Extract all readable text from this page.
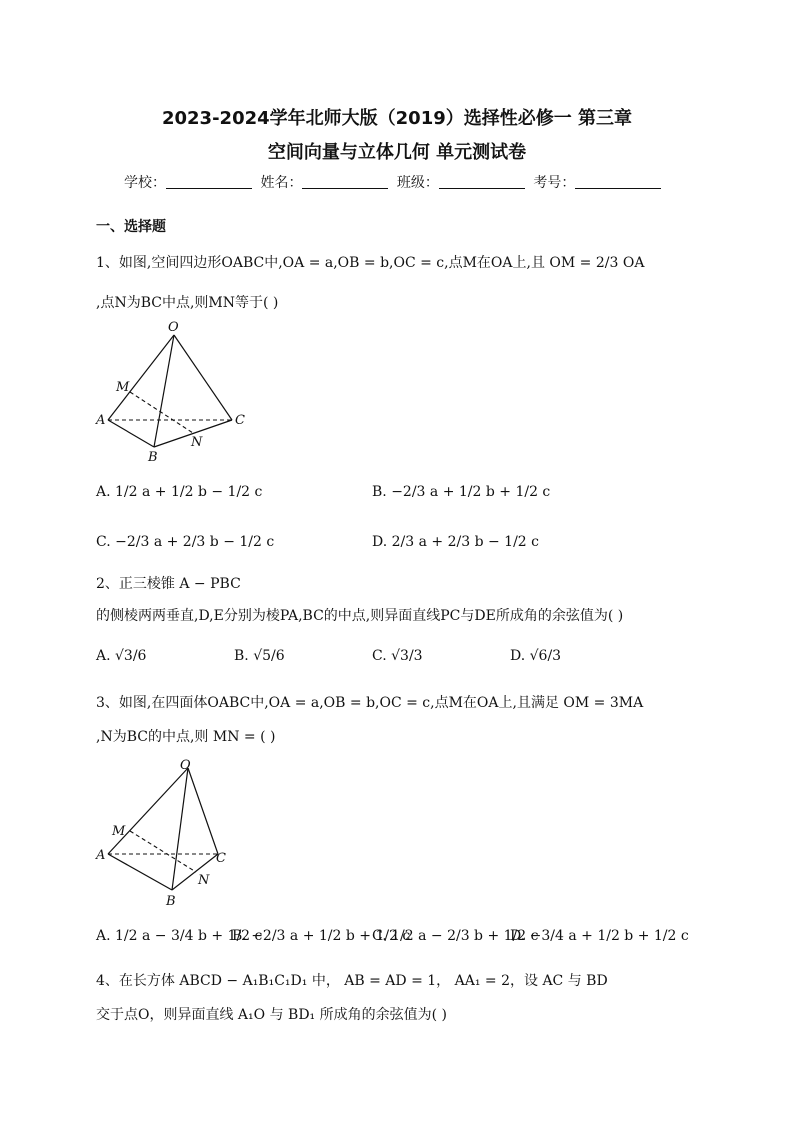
2023-2024学年北师大版（2019）选择性必修一 第三章
空间向量与立体几何 单元测试卷
学校：	姓名：	班级：	考号：
一、选择题
1、如图,空间四边形OABC中,OA = a,OB = b,OC = c,点M在OA上,且 OM = 2/3 OA
,点N为BC中点,则MN等于( )
O
M
A
B
N
C
A. 1/2 a + 1/2 b − 1/2 c	B. −2/3 a + 1/2 b + 1/2 c
C. −2/3 a + 2/3 b − 1/2 c	D. 2/3 a + 2/3 b − 1/2 c
2、正三棱锥 A − PBC
的侧棱两两垂直,D,E分别为棱PA,BC的中点,则异面直线PC与DE所成角的余弦值为( )
A. √3/6	B. √5/6	C. √3/3	D. √6/3
3、如图,在四面体OABC中,OA = a,OB = b,OC = c,点M在OA上,且满足 OM = 3MA
,N为BC的中点,则 MN = ( )
O
M
A	C
N
B
A. 1/2 a − 3/4 b + 1/2 c
B. −2/3 a + 1/2 b + 1/2 c
C. 1/2 a − 2/3 b + 1/2 c
D. −3/4 a + 1/2 b + 1/2 c
4、在长方体 ABCD − A₁B₁C₁D₁ 中， AB = AD = 1， AA₁ = 2，设 AC 与 BD
交于点O，则异面直线 A₁O 与 BD₁ 所成角的余弦值为( )
